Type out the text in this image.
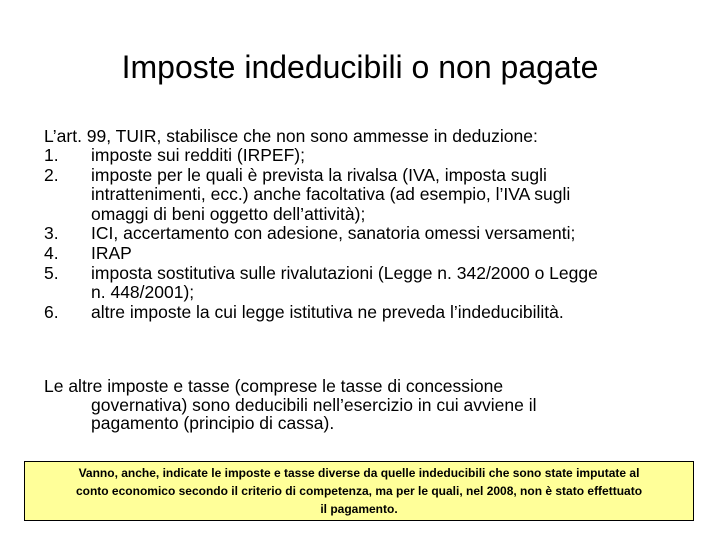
Imposte indeducibili o non pagate
L’art. 99, TUIR, stabilisce che non sono ammesse in deduzione:
1. imposte sui redditi (IRPEF);
2. imposte per le quali è prevista la rivalsa (IVA, imposta sugli
intrattenimenti, ecc.) anche facoltativa (ad esempio, l’IVA sugli
omaggi di beni oggetto dell’attività);
3. ICI, accertamento con adesione, sanatoria omessi versamenti;
4. IRAP
5. imposta sostitutiva sulle rivalutazioni (Legge n. 342/2000 o Legge
n. 448/2001);
6. altre imposte la cui legge istitutiva ne preveda l’indeducibilità.
Le altre imposte e tasse (comprese le tasse di concessione
governativa) sono deducibili nell’esercizio in cui avviene il
pagamento (principio di cassa).
Vanno, anche, indicate le imposte e tasse diverse da quelle indeducibili che sono state imputate al
conto economico secondo il criterio di competenza, ma per le quali, nel 2008, non è stato effettuato
il pagamento.
